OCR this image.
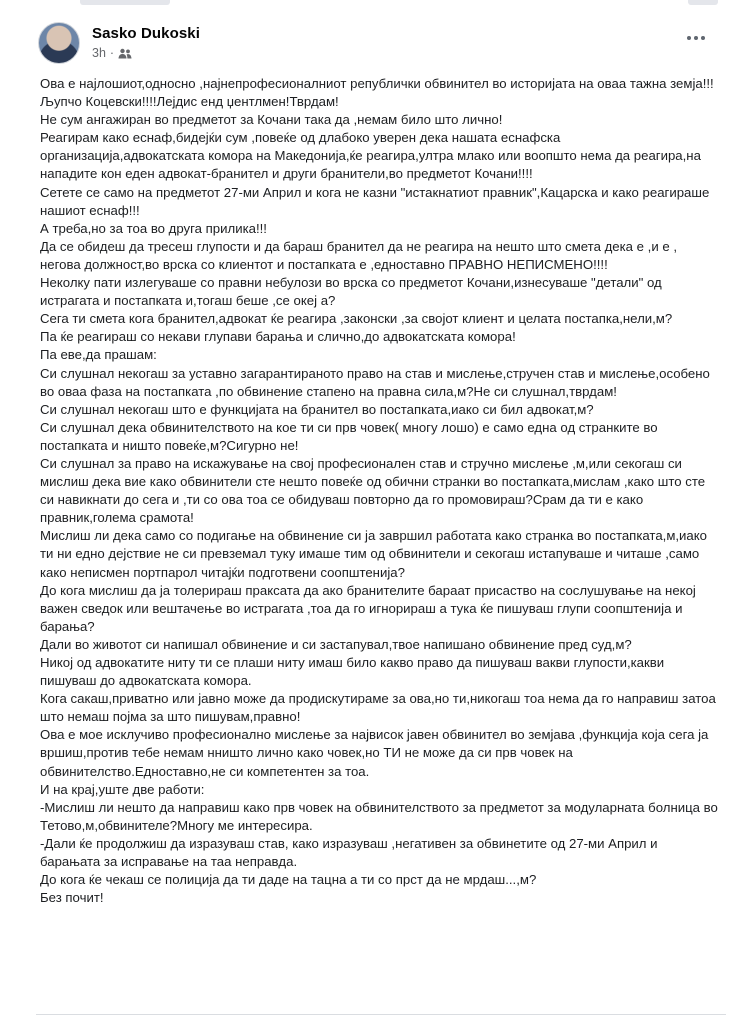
Sasko Dukoski
3h ·

Ова е најлошиот,односно ,најнепрофесионалниот републички обвинител во историјата на оваа тажна земја!!!

Љупчо Коцевски!!!!Лејдис енд џентлмен!Тврдам!

Не сум ангажиран во предметот за Кочани така да ,немам било што лично!

Реагирам како еснаф,бидејќи сум ,повеќе од длабоко уверен дека нашата еснафска организација,адвокатската комора на Македонија,ќе реагира,ултра млако или воопшто нема да реагира,на нападите кон еден адвокат-бранител и други бранители,во предметот Кочани!!!!

Сетете се само на предметот 27-ми Април и кога не казни "истакнатиот правник",Кацарска и како реагираше нашиот еснаф!!!

А треба,но за тоа во друга прилика!!!

Да се обидеш да тресеш глупости и да бараш бранител да не реагира на нешто што смета дека е ,и е , негова должност,во врска со клиентот и постапката е ,едноставно ПРАВНО НЕПИСМЕНО!!!!

Неколку пати излегуваше со правни небулози во врска со предметот Кочани,изнесуваше "детали" од истрагата и постапката и,тогаш беше ,се океј а?

Сега ти смета кога бранител,адвокат ќе реагира ,законски ,за својот клиент и целата постапка,нели,м?

Па ќе реагираш со некави глупави барања и слично,до адвокатската комора!

Па еве,да прашам:

Си слушнал некогаш за уставно загарантираното право на став и мислење,стручен став и мислење,особено во оваа фаза на постапката ,по обвинение стапено на правна сила,м?Не си слушнал,тврдам!

Си слушнал некогаш што е функцијата на бранител во постапката,иако си бил адвокат,м?

Си слушнал дека обвинителството на кое ти си прв човек( многу лошо) е само една од странките во постапката и ништо повеќе,м?Сигурно не!

Си слушнал за право на искажување на свој професионален став и стручно мислење ,м,или секогаш си мислиш дека вие како обвинители сте нешто повеќе од обични странки во постапката,мислам ,како што сте си навикнати до сега и ,ти со ова тоа се обидуваш повторно да го промовираш?Срам да ти е како правник,голема срамота!

Мислиш ли дека само со подигање на обвинение си ја завршил работата како странка во постапката,м,иако ти ни едно дејствие не си превземал туку имаше тим од обвинители и секогаш истапуваше и читаше ,само како неписмен портпарол читајќи подготвени соопштенија?

До кога мислиш да ја толерираш праксата да ако бранителите бараат присаство на сослушување на некој важен сведок или вештачење во истрагата ,тоа да го игнорираш а тука ќе пишуваш глупи соопштенија и барања?

Дали во животот си напишал обвинение и си застапувал,твое напишано обвинение пред суд,м?

Никој од адвокатите ниту ти се плаши ниту имаш било какво право да пишуваш вакви глупости,какви пишуваш до адвокатската комора.

Кога сакаш,приватно или јавно може да продискутираме за ова,но ти,никогаш тоа нема да го направиш затоа што немаш појма за што пишувам,правно!

Ова е мое исклучиво професионално мислење за највисок јавен обвинител во земјава ,функција која сега ја вршиш,против тебе немам нништо лично како човек,но ТИ не може да си прв човек на обвинителство.Едноставно,не си компетентен за тоа.

И на крај,уште две работи:

-Мислиш ли нешто да направиш како прв човек на обвинителството за предметот за модуларната болница во Тетово,м,обвинителе?Многу ме интересира.

-Дали ќе продолжиш да изразуваш став, како изразуваш ,негативен за обвинетите од 27-ми Април и барањата за исправање на таа неправда.

До кога ќе чекаш се полиција да ти даде на тацна а ти со прст да не мрдаш...,м?

Без почит!
